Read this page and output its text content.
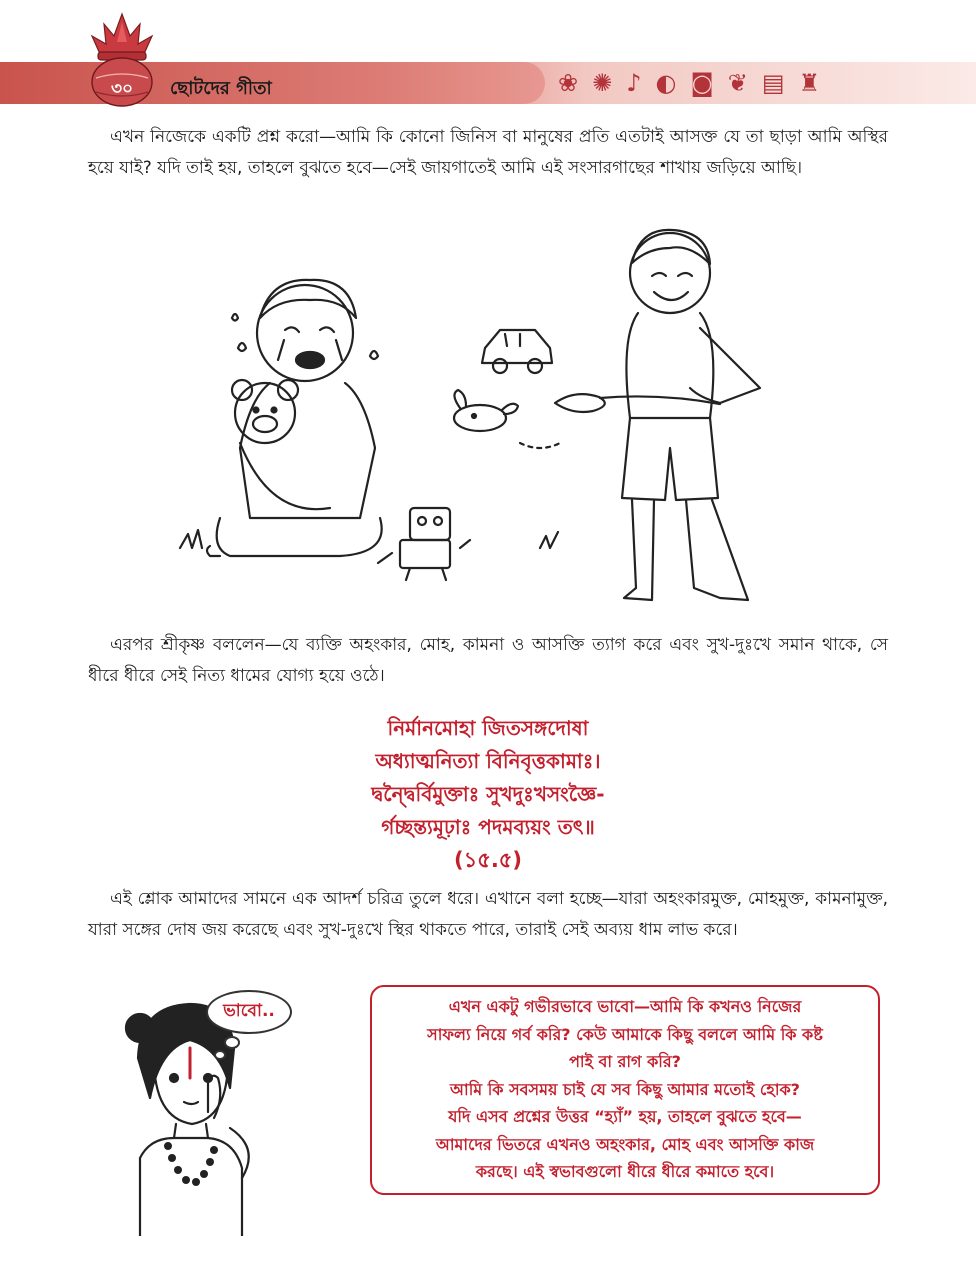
৩০	ছোটদের গীতা	❀ ✺ ♪ ◐ ◙ ❦ ▤ ♜

এখন নিজেকে একটি প্রশ্ন করো—আমি কি কোনো জিনিস বা মানুষের প্রতি এতটাই আসক্ত যে তা ছাড়া আমি অস্থির হয়ে যাই? যদি তাই হয়, তাহলে বুঝতে হবে—সেই জায়গাতেই আমি এই সংসারগাছের শাখায় জড়িয়ে আছি।

এরপর শ্রীকৃষ্ণ বললেন—যে ব্যক্তি অহংকার, মোহ, কামনা ও আসক্তি ত্যাগ করে এবং সুখ-দুঃখে সমান থাকে, সে ধীরে ধীরে সেই নিত্য ধামের যোগ্য হয়ে ওঠে।

নির্মানমোহা জিতসঙ্গদোষা
অধ্যাত্মনিত্যা বিনিবৃত্তকামাঃ।
দ্বন্দ্বৈর্বিমুক্তাঃ সুখদুঃখসংজ্ঞৈ-
র্গচ্ছন্ত্যমূঢ়াঃ পদমব্যয়ং তৎ॥
(১৫.৫)

এই শ্লোক আমাদের সামনে এক আদর্শ চরিত্র তুলে ধরে। এখানে বলা হচ্ছে—যারা অহংকারমুক্ত, মোহমুক্ত, কামনামুক্ত, যারা সঙ্গের দোষ জয় করেছে এবং সুখ-দুঃখে স্থির থাকতে পারে, তারাই সেই অব্যয় ধাম লাভ করে।

ভাবো..	এখন একটু গভীরভাবে ভাবো—আমি কি কখনও নিজের
সাফল্য নিয়ে গর্ব করি? কেউ আমাকে কিছু বললে আমি কি কষ্ট
পাই বা রাগ করি?
আমি কি সবসময় চাই যে সব কিছু আমার মতোই হোক?
যদি এসব প্রশ্নের উত্তর “হ্যাঁ” হয়, তাহলে বুঝতে হবে—
আমাদের ভিতরে এখনও অহংকার, মোহ এবং আসক্তি কাজ
করছে। এই স্বভাবগুলো ধীরে ধীরে কমাতে হবে।
